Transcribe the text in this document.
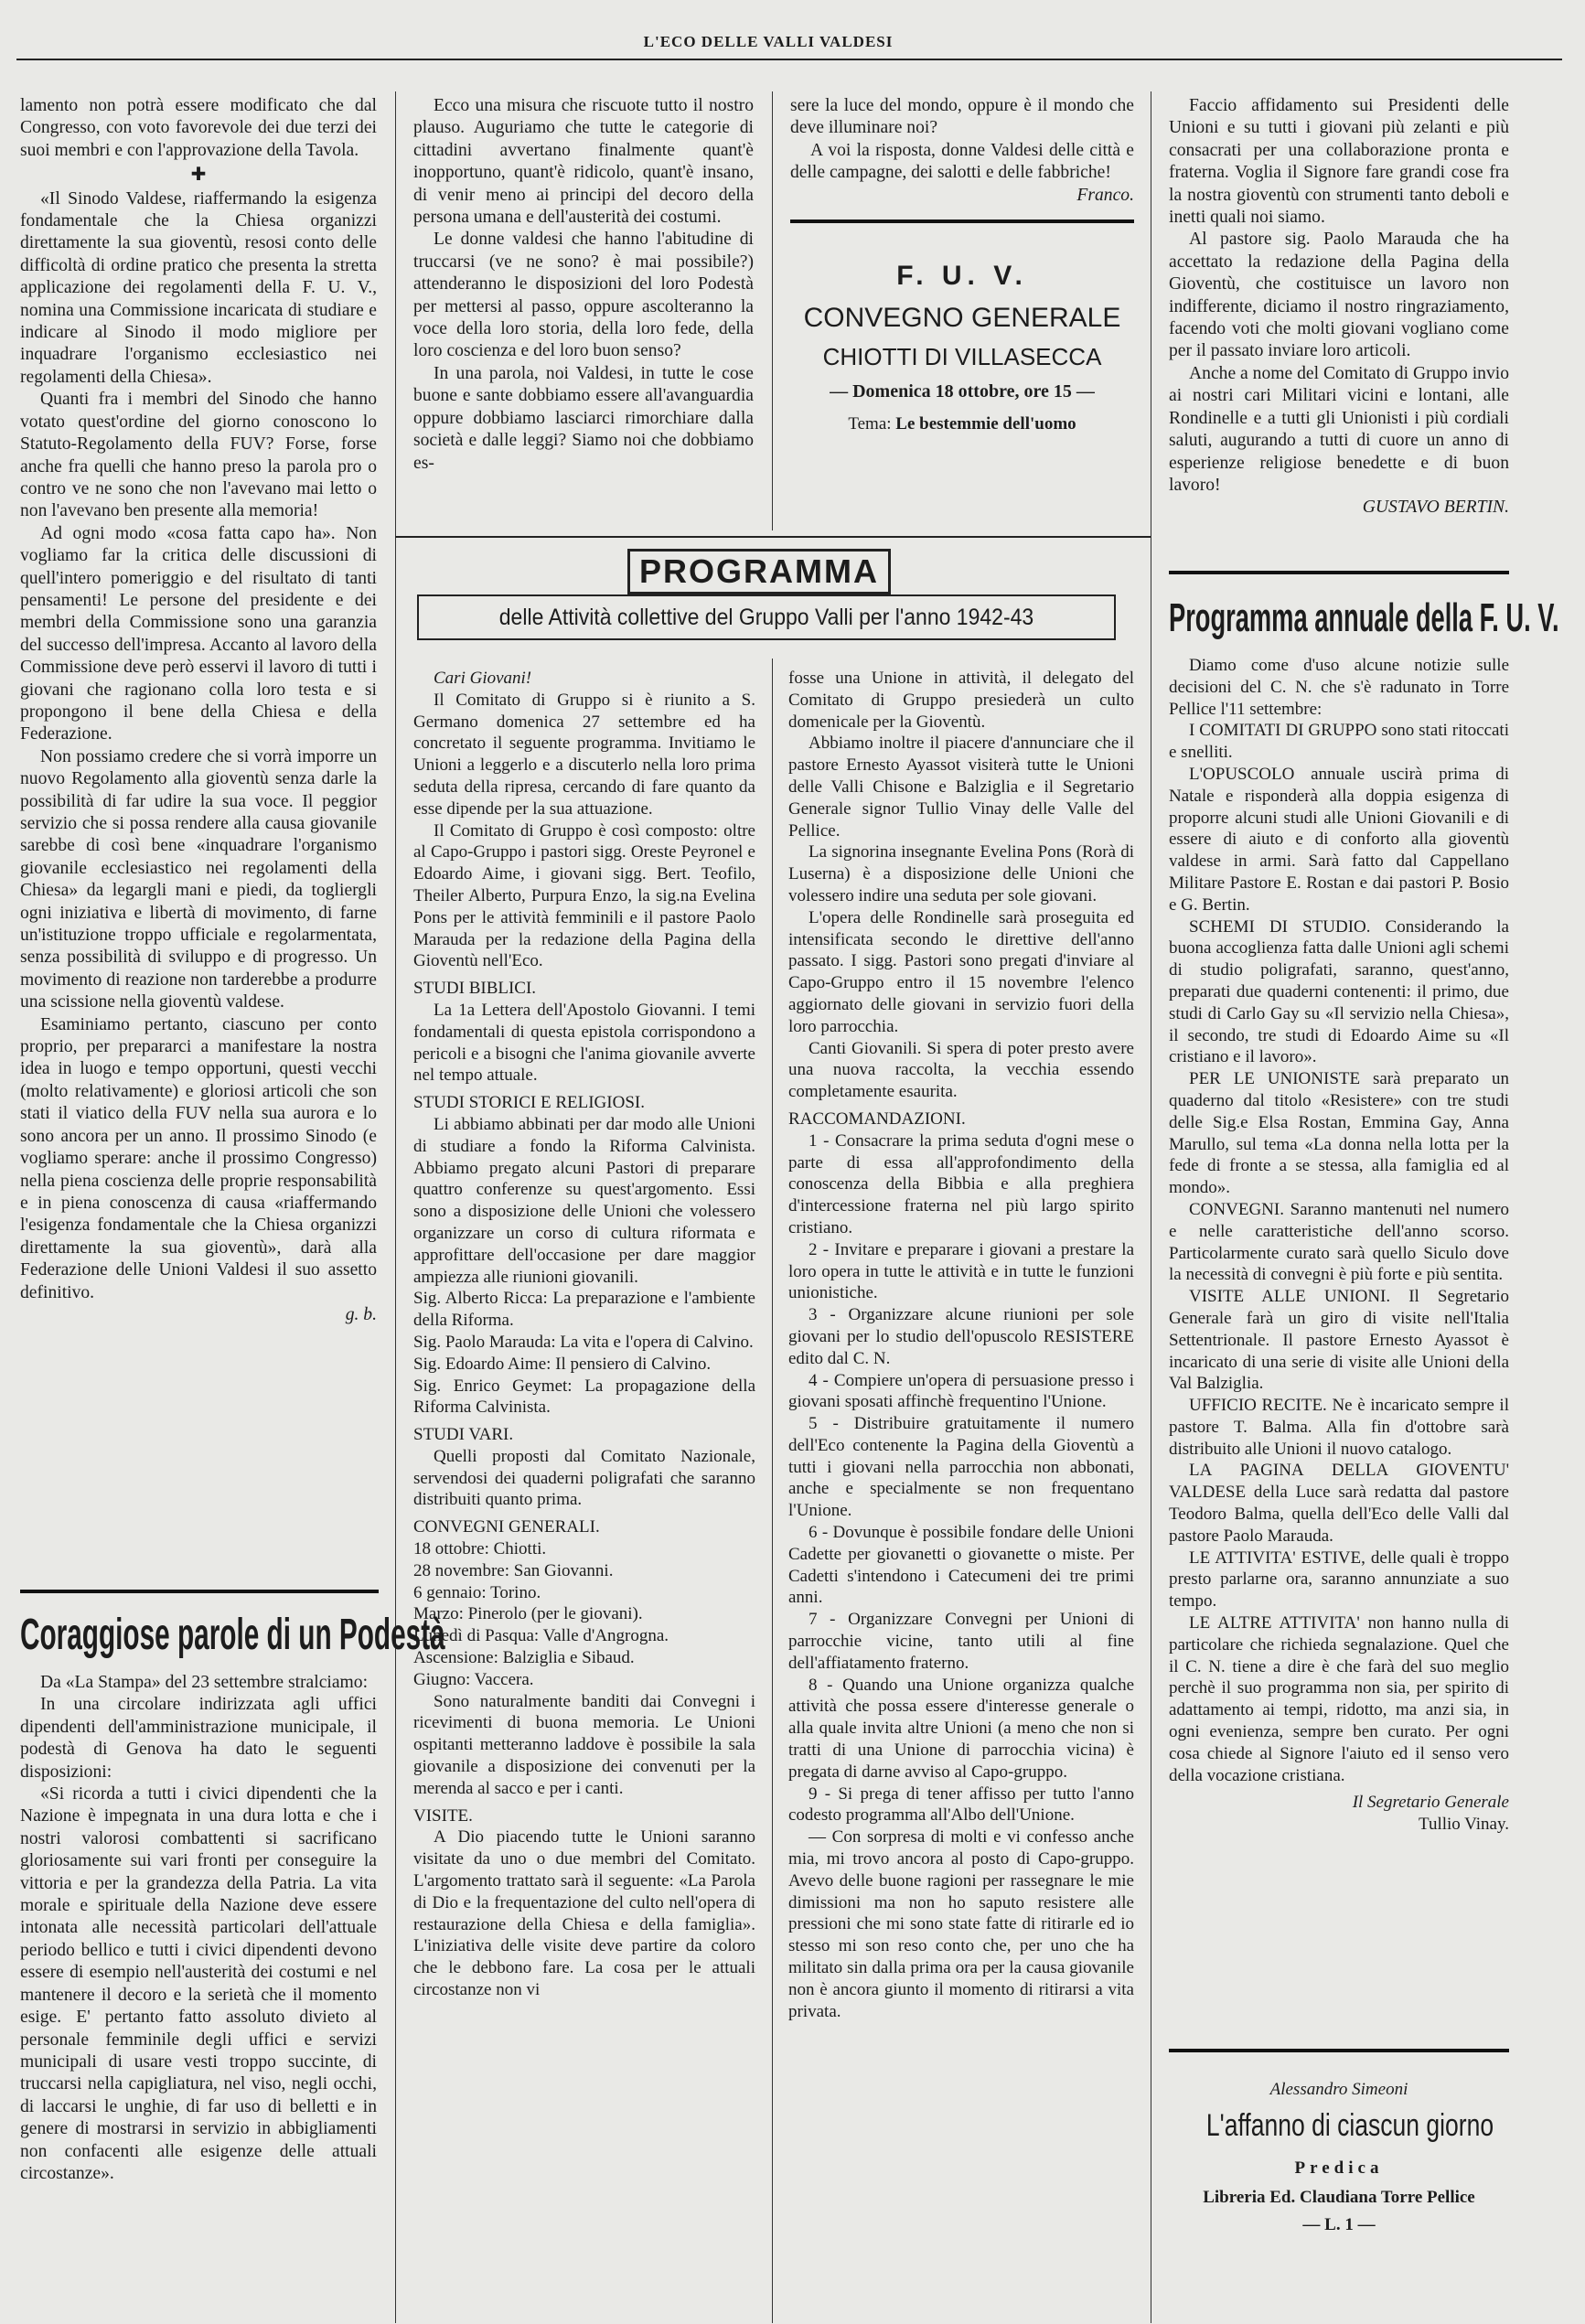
L'ECO DELLE VALLI VALDESI

lamento non potrà essere modificato che dal Congresso, con voto favorevole dei due terzi dei suoi membri e con l'approvazione della Tavola.

✚

«Il Sinodo Valdese, riaffermando la esigenza fondamentale che la Chiesa organizzi direttamente la sua gioventù, resosi conto delle difficoltà di ordine pratico che presenta la stretta applicazione dei regolamenti della F. U. V., nomina una Commissione incaricata di studiare e indicare al Sinodo il modo migliore per inquadrare l'organismo ecclesiastico nei regolamenti della Chiesa».

Quanti fra i membri del Sinodo che hanno votato quest'ordine del giorno conoscono lo Statuto-Regolamento della FUV? Forse, forse anche fra quelli che hanno preso la parola pro o contro ve ne sono che non l'avevano mai letto o non l'avevano ben presente alla memoria!

Ad ogni modo «cosa fatta capo ha». Non vogliamo far la critica delle discussioni di quell'intero pomeriggio e del risultato di tanti pensamenti! Le persone del presidente e dei membri della Commissione sono una garanzia del successo dell'impresa. Accanto al lavoro della Commissione deve però esservi il lavoro di tutti i giovani che ragionano colla loro testa e si propongono il bene della Chiesa e della Federazione.

Non possiamo credere che si vorrà imporre un nuovo Regolamento alla gioventù senza darle la possibilità di far udire la sua voce. Il peggior servizio che si possa rendere alla causa giovanile sarebbe di così bene «inquadrare l'organismo giovanile ecclesiastico nei regolamenti della Chiesa» da legargli mani e piedi, da togliergli ogni iniziativa e libertà di movimento, di farne un'istituzione troppo ufficiale e regolarmentata, senza possibilità di sviluppo e di progresso. Un movimento di reazione non tarderebbe a produrre una scissione nella gioventù valdese.

Esaminiamo pertanto, ciascuno per conto proprio, per prepararci a manifestare la nostra idea in luogo e tempo opportuni, questi vecchi (molto relativamente) e gloriosi articoli che son stati il viatico della FUV nella sua aurora e lo sono ancora per un anno. Il prossimo Sinodo (e vogliamo sperare: anche il prossimo Congresso) nella piena coscienza delle proprie responsabilità e in piena conoscenza di causa «riaffermando l'esigenza fondamentale che la Chiesa organizzi direttamente la sua gioventù», darà alla Federazione delle Unioni Valdesi il suo assetto definitivo.

g. b.

Coraggiose parole di un Podestà

Da «La Stampa» del 23 settembre stralciamo:

In una circolare indirizzata agli uffici dipendenti dell'amministrazione municipale, il podestà di Genova ha dato le seguenti disposizioni:

«Si ricorda a tutti i civici dipendenti che la Nazione è impegnata in una dura lotta e che i nostri valorosi combattenti si sacrificano gloriosamente sui vari fronti per conseguire la vittoria e per la grandezza della Patria. La vita morale e spirituale della Nazione deve essere intonata alle necessità particolari dell'attuale periodo bellico e tutti i civici dipendenti devono essere di esempio nell'austerità dei costumi e nel mantenere il decoro e la serietà che il momento esige. E' pertanto fatto assoluto divieto al personale femminile degli uffici e servizi municipali di usare vesti troppo succinte, di truccarsi nella capigliatura, nel viso, negli occhi, di laccarsi le unghie, di far uso di belletti e in genere di mostrarsi in servizio in abbigliamenti non confacenti alle esigenze delle attuali circostanze».

Ecco una misura che riscuote tutto il nostro plauso. Auguriamo che tutte le categorie di cittadini avvertano finalmente quant'è inopportuno, quant'è ridicolo, quant'è insano, di venir meno ai principi del decoro della persona umana e dell'austerità dei costumi.

Le donne valdesi che hanno l'abitudine di truccarsi (ve ne sono? è mai possibile?) attenderanno le disposizioni del loro Podestà per mettersi al passo, oppure ascolteranno la voce della loro storia, della loro fede, della loro coscienza e del loro buon senso?

In una parola, noi Valdesi, in tutte le cose buone e sante dobbiamo essere all'avanguardia oppure dobbiamo lasciarci rimorchiare dalla società e dalle leggi? Siamo noi che dobbiamo es-

sere la luce del mondo, oppure è il mondo che deve illuminare noi?

A voi la risposta, donne Valdesi delle città e delle campagne, dei salotti e delle fabbriche!

Franco.

F. U. V.
CONVEGNO GENERALE
CHIOTTI DI VILLASECCA
— Domenica 18 ottobre, ore 15 —
Tema: Le bestemmie dell'uomo
PROGRAMMA
delle Attività collettive del Gruppo Valli per l'anno 1942-43

Cari Giovani!

Il Comitato di Gruppo si è riunito a S. Germano domenica 27 settembre ed ha concretato il seguente programma. Invitiamo le Unioni a leggerlo e a discuterlo nella loro prima seduta della ripresa, cercando di fare quanto da esse dipende per la sua attuazione.

Il Comitato di Gruppo è così composto: oltre al Capo-Gruppo i pastori sigg. Oreste Peyronel e Edoardo Aime, i giovani sigg. Bert. Teofilo, Theiler Alberto, Purpura Enzo, la sig.na Evelina Pons per le attività femminili e il pastore Paolo Marauda per la redazione della Pagina della Gioventù nell'Eco.

STUDI BIBLICI.

La 1a Lettera dell'Apostolo Giovanni. I temi fondamentali di questa epistola corrispondono a pericoli e a bisogni che l'anima giovanile avverte nel tempo attuale.

STUDI STORICI E RELIGIOSI.

Li abbiamo abbinati per dar modo alle Unioni di studiare a fondo la Riforma Calvinista. Abbiamo pregato alcuni Pastori di preparare quattro conferenze su quest'argomento. Essi sono a disposizione delle Unioni che volessero organizzare un corso di cultura riformata e approfittare dell'occasione per dare maggior ampiezza alle riunioni giovanili.

Sig. Alberto Ricca: La preparazione e l'ambiente della Riforma.

Sig. Paolo Marauda: La vita e l'opera di Calvino.

Sig. Edoardo Aime: Il pensiero di Calvino.

Sig. Enrico Geymet: La propagazione della Riforma Calvinista.

STUDI VARI.

Quelli proposti dal Comitato Nazionale, servendosi dei quaderni poligrafati che saranno distribuiti quanto prima.

CONVEGNI GENERALI.

18 ottobre: Chiotti.

28 novembre: San Giovanni.

6 gennaio: Torino.

Marzo: Pinerolo (per le giovani).

Lunedì di Pasqua: Valle d'Angrogna.

Ascensione: Balziglia e Sibaud.

Giugno: Vaccera.

Sono naturalmente banditi dai Convegni i ricevimenti di buona memoria. Le Unioni ospitanti metteranno laddove è possibile la sala giovanile a disposizione dei convenuti per la merenda al sacco e per i canti.

VISITE.

A Dio piacendo tutte le Unioni saranno visitate da uno o due membri del Comitato. L'argomento trattato sarà il seguente: «La Parola di Dio e la frequentazione del culto nell'opera di restaurazione della Chiesa e della famiglia». L'iniziativa delle visite deve partire da coloro che le debbono fare. La cosa per le attuali circostanze non vi

fosse una Unione in attività, il delegato del Comitato di Gruppo presiederà un culto domenicale per la Gioventù.

Abbiamo inoltre il piacere d'annunciare che il pastore Ernesto Ayassot visiterà tutte le Unioni delle Valli Chisone e Balziglia e il Segretario Generale signor Tullio Vinay delle Valle del Pellice.

La signorina insegnante Evelina Pons (Rorà di Luserna) è a disposizione delle Unioni che volessero indire una seduta per sole giovani.

L'opera delle Rondinelle sarà proseguita ed intensificata secondo le direttive dell'anno passato. I sigg. Pastori sono pregati d'inviare al Capo-Gruppo entro il 15 novembre l'elenco aggiornato delle giovani in servizio fuori della loro parrocchia.

Canti Giovanili. Si spera di poter presto avere una nuova raccolta, la vecchia essendo completamente esaurita.

RACCOMANDAZIONI.

1 - Consacrare la prima seduta d'ogni mese o parte di essa all'approfondimento della conoscenza della Bibbia e alla preghiera d'intercessione fraterna nel più largo spirito cristiano.

2 - Invitare e preparare i giovani a prestare la loro opera in tutte le attività e in tutte le funzioni unionistiche.

3 - Organizzare alcune riunioni per sole giovani per lo studio dell'opuscolo RESISTERE edito dal C. N.

4 - Compiere un'opera di persuasione presso i giovani sposati affinchè frequentino l'Unione.

5 - Distribuire gratuitamente il numero dell'Eco contenente la Pagina della Gioventù a tutti i giovani nella parrocchia non abbonati, anche e specialmente se non frequentano l'Unione.

6 - Dovunque è possibile fondare delle Unioni Cadette per giovanetti o giovanette o miste. Per Cadetti s'intendono i Catecumeni dei tre primi anni.

7 - Organizzare Convegni per Unioni di parrocchie vicine, tanto utili al fine dell'affiatamento fraterno.

8 - Quando una Unione organizza qualche attività che possa essere d'interesse generale o alla quale invita altre Unioni (a meno che non si tratti di una Unione di parrocchia vicina) è pregata di darne avviso al Capo-gruppo.

9 - Si prega di tener affisso per tutto l'anno codesto programma all'Albo dell'Unione.

— Con sorpresa di molti e vi confesso anche mia, mi trovo ancora al posto di Capo-gruppo. Avevo delle buone ragioni per rassegnare le mie dimissioni ma non ho saputo resistere alle pressioni che mi sono state fatte di ritirarle ed io stesso mi son reso conto che, per uno che ha militato sin dalla prima ora per la causa giovanile non è ancora giunto il momento di ritirarsi a vita privata.

Faccio affidamento sui Presidenti delle Unioni e su tutti i giovani più zelanti e più consacrati per una collaborazione pronta e fraterna. Voglia il Signore fare grandi cose fra la nostra gioventù con strumenti tanto deboli e inetti quali noi siamo.

Al pastore sig. Paolo Marauda che ha accettato la redazione della Pagina della Gioventù, che costituisce un lavoro non indifferente, diciamo il nostro ringraziamento, facendo voti che molti giovani vogliano come per il passato inviare loro articoli.

Anche a nome del Comitato di Gruppo invio ai nostri cari Militari vicini e lontani, alle Rondinelle e a tutti gli Unionisti i più cordiali saluti, augurando a tutti di cuore un anno di esperienze religiose benedette e di buon lavoro!

GUSTAVO BERTIN.

Programma annuale della F. U. V.

Diamo come d'uso alcune notizie sulle decisioni del C. N. che s'è radunato in Torre Pellice l'11 settembre:

I COMITATI DI GRUPPO sono stati ritoccati e snelliti.

L'OPUSCOLO annuale uscirà prima di Natale e risponderà alla doppia esigenza di proporre alcuni studi alle Unioni Giovanili e di essere di aiuto e di conforto alla gioventù valdese in armi. Sarà fatto dal Cappellano Militare Pastore E. Rostan e dai pastori P. Bosio e G. Bertin.

SCHEMI DI STUDIO. Considerando la buona accoglienza fatta dalle Unioni agli schemi di studio poligrafati, saranno, quest'anno, preparati due quaderni contenenti: il primo, due studi di Carlo Gay su «Il servizio nella Chiesa», il secondo, tre studi di Edoardo Aime su «Il cristiano e il lavoro».

PER LE UNIONISTE sarà preparato un quaderno dal titolo «Resistere» con tre studi delle Sig.e Elsa Rostan, Emmina Gay, Anna Marullo, sul tema «La donna nella lotta per la fede di fronte a se stessa, alla famiglia ed al mondo».

CONVEGNI. Saranno mantenuti nel numero e nelle caratteristiche dell'anno scorso. Particolarmente curato sarà quello Siculo dove la necessità di convegni è più forte e più sentita.

VISITE ALLE UNIONI. Il Segretario Generale farà un giro di visite nell'Italia Settentrionale. Il pastore Ernesto Ayassot è incaricato di una serie di visite alle Unioni della Val Balziglia.

UFFICIO RECITE. Ne è incaricato sempre il pastore T. Balma. Alla fin d'ottobre sarà distribuito alle Unioni il nuovo catalogo.

LA PAGINA DELLA GIOVENTU' VALDESE della Luce sarà redatta dal pastore Teodoro Balma, quella dell'Eco delle Valli dal pastore Paolo Marauda.

LE ATTIVITA' ESTIVE, delle quali è troppo presto parlarne ora, saranno annunziate a suo tempo.

LE ALTRE ATTIVITA' non hanno nulla di particolare che richieda segnalazione. Quel che il C. N. tiene a dire è che farà del suo meglio perchè il suo programma non sia, per spirito di adattamento ai tempi, ridotto, ma anzi sia, in ogni evenienza, sempre ben curato. Per ogni cosa chiede al Signore l'aiuto ed il senso vero della vocazione cristiana.

Il Segretario Generale

Tullio Vinay.

Alessandro Simeoni
L'affanno di ciascun giorno
Predica
Libreria Ed. Claudiana Torre Pellice
— L. 1 —
